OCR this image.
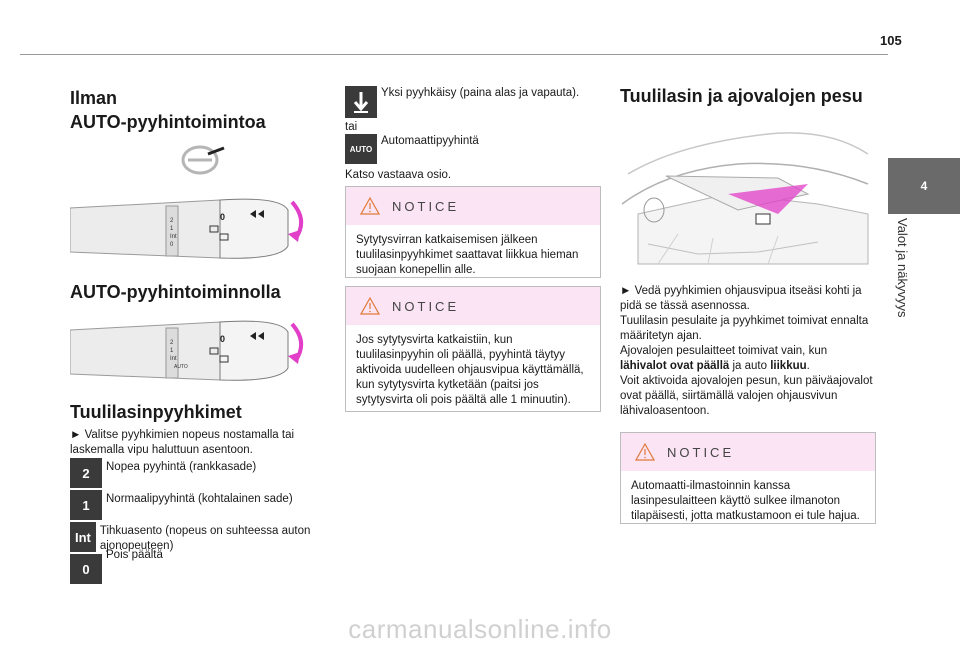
105
4
Valot ja näkyvyys
Ilman
AUTO-pyyhintoimintoa
2
1
Int
0
0
AUTO-pyyhintoiminnolla
2
1
Int
AUTO
0
Tuulilasinpyyhkimet
► Valitse pyyhkimien nopeus nostamalla tai laskemalla vipu haluttuun asentoon.
2	Nopea pyyhintä (rankkasade)
1	Normaalipyyhintä (kohtalainen sade)
Int Tihkuasento (nopeus on suhteessa auton ajonopeuteen)
0
Pois päältä
Yksi pyyhkäisy (paina alas ja vapauta).
tai
AUTO
Automaattipyyhintä
Katso vastaava osio.
NOTICE
Sytytysvirran katkaisemisen jälkeen tuulilasinpyyhkimet saattavat liikkua hieman suojaan konepellin alle.
NOTICE
Jos sytytysvirta katkaistiin, kun tuulilasinpyyhin oli päällä, pyyhintä täytyy aktivoida uudelleen ohjausvipua käyttämällä, kun sytytysvirta kytketään (paitsi jos sytytysvirta oli pois päältä alle 1 minuutin).
Tuulilasin ja ajovalojen pesu
► Vedä pyyhkimien ohjausvipua itseäsi kohti ja pidä se tässä asennossa.
Tuulilasin pesulaite ja pyyhkimet toimivat ennalta määritetyn ajan.
Ajovalojen pesulaitteet toimivat vain, kun lähivalot ovat päällä ja auto liikkuu.
Voit aktivoida ajovalojen pesun, kun päiväajovalot ovat päällä, siirtämällä valojen ohjausvivun lähivaloasentoon.
NOTICE
Automaatti-ilmastoinnin kanssa lasinpesulaitteen käyttö sulkee ilmanoton tilapäisesti, jotta matkustamoon ei tule hajua.
carmanualsonline.info
